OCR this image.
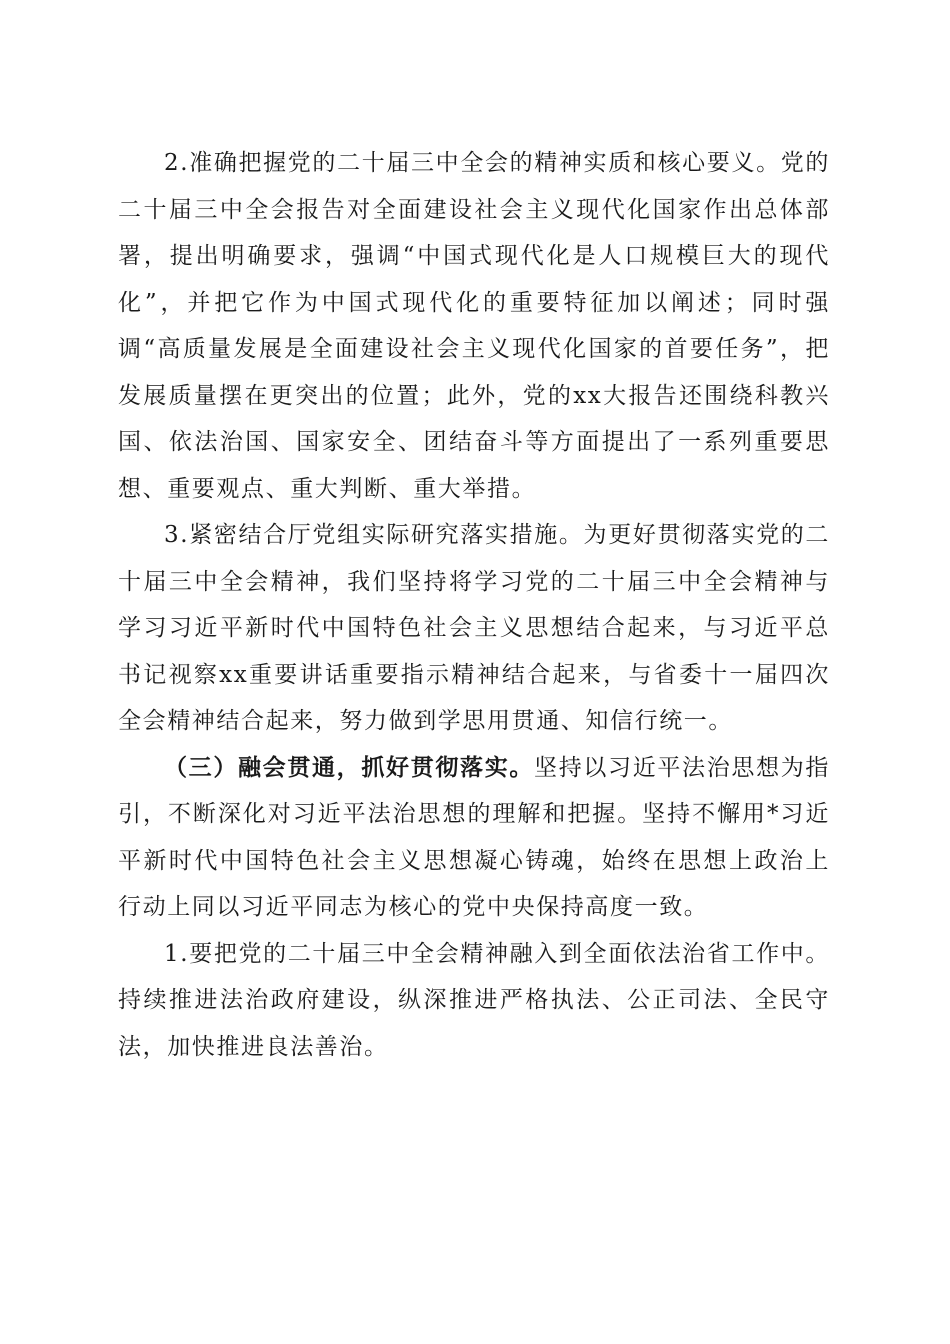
2.准确把握党的二十届三中全会的精神实质和核心要义。党的二十届三中全会报告对全面建设社会主义现代化国家作出总体部署，提出明确要求，强调“中国式现代化是人口规模巨大的现代化”，并把它作为中国式现代化的重要特征加以阐述；同时强调“高质量发展是全面建设社会主义现代化国家的首要任务”，把发展质量摆在更突出的位置；此外，党的xx大报告还围绕科教兴国、依法治国、国家安全、团结奋斗等方面提出了一系列重要思想、重要观点、重大判断、重大举措。

3.紧密结合厅党组实际研究落实措施。为更好贯彻落实党的二十届三中全会精神，我们坚持将学习党的二十届三中全会精神与学习习近平新时代中国特色社会主义思想结合起来，与习近平总书记视察xx重要讲话重要指示精神结合起来，与省委十一届四次全会精神结合起来，努力做到学思用贯通、知信行统一。

（三）融会贯通，抓好贯彻落实。坚持以习近平法治思想为指引，不断深化对习近平法治思想的理解和把握。坚持不懈用*习近平新时代中国特色社会主义思想凝心铸魂，始终在思想上政治上行动上同以习近平同志为核心的党中央保持高度一致。

1.要把党的二十届三中全会精神融入到全面依法治省工作中。持续推进法治政府建设，纵深推进严格执法、公正司法、全民守法，加快推进良法善治。
